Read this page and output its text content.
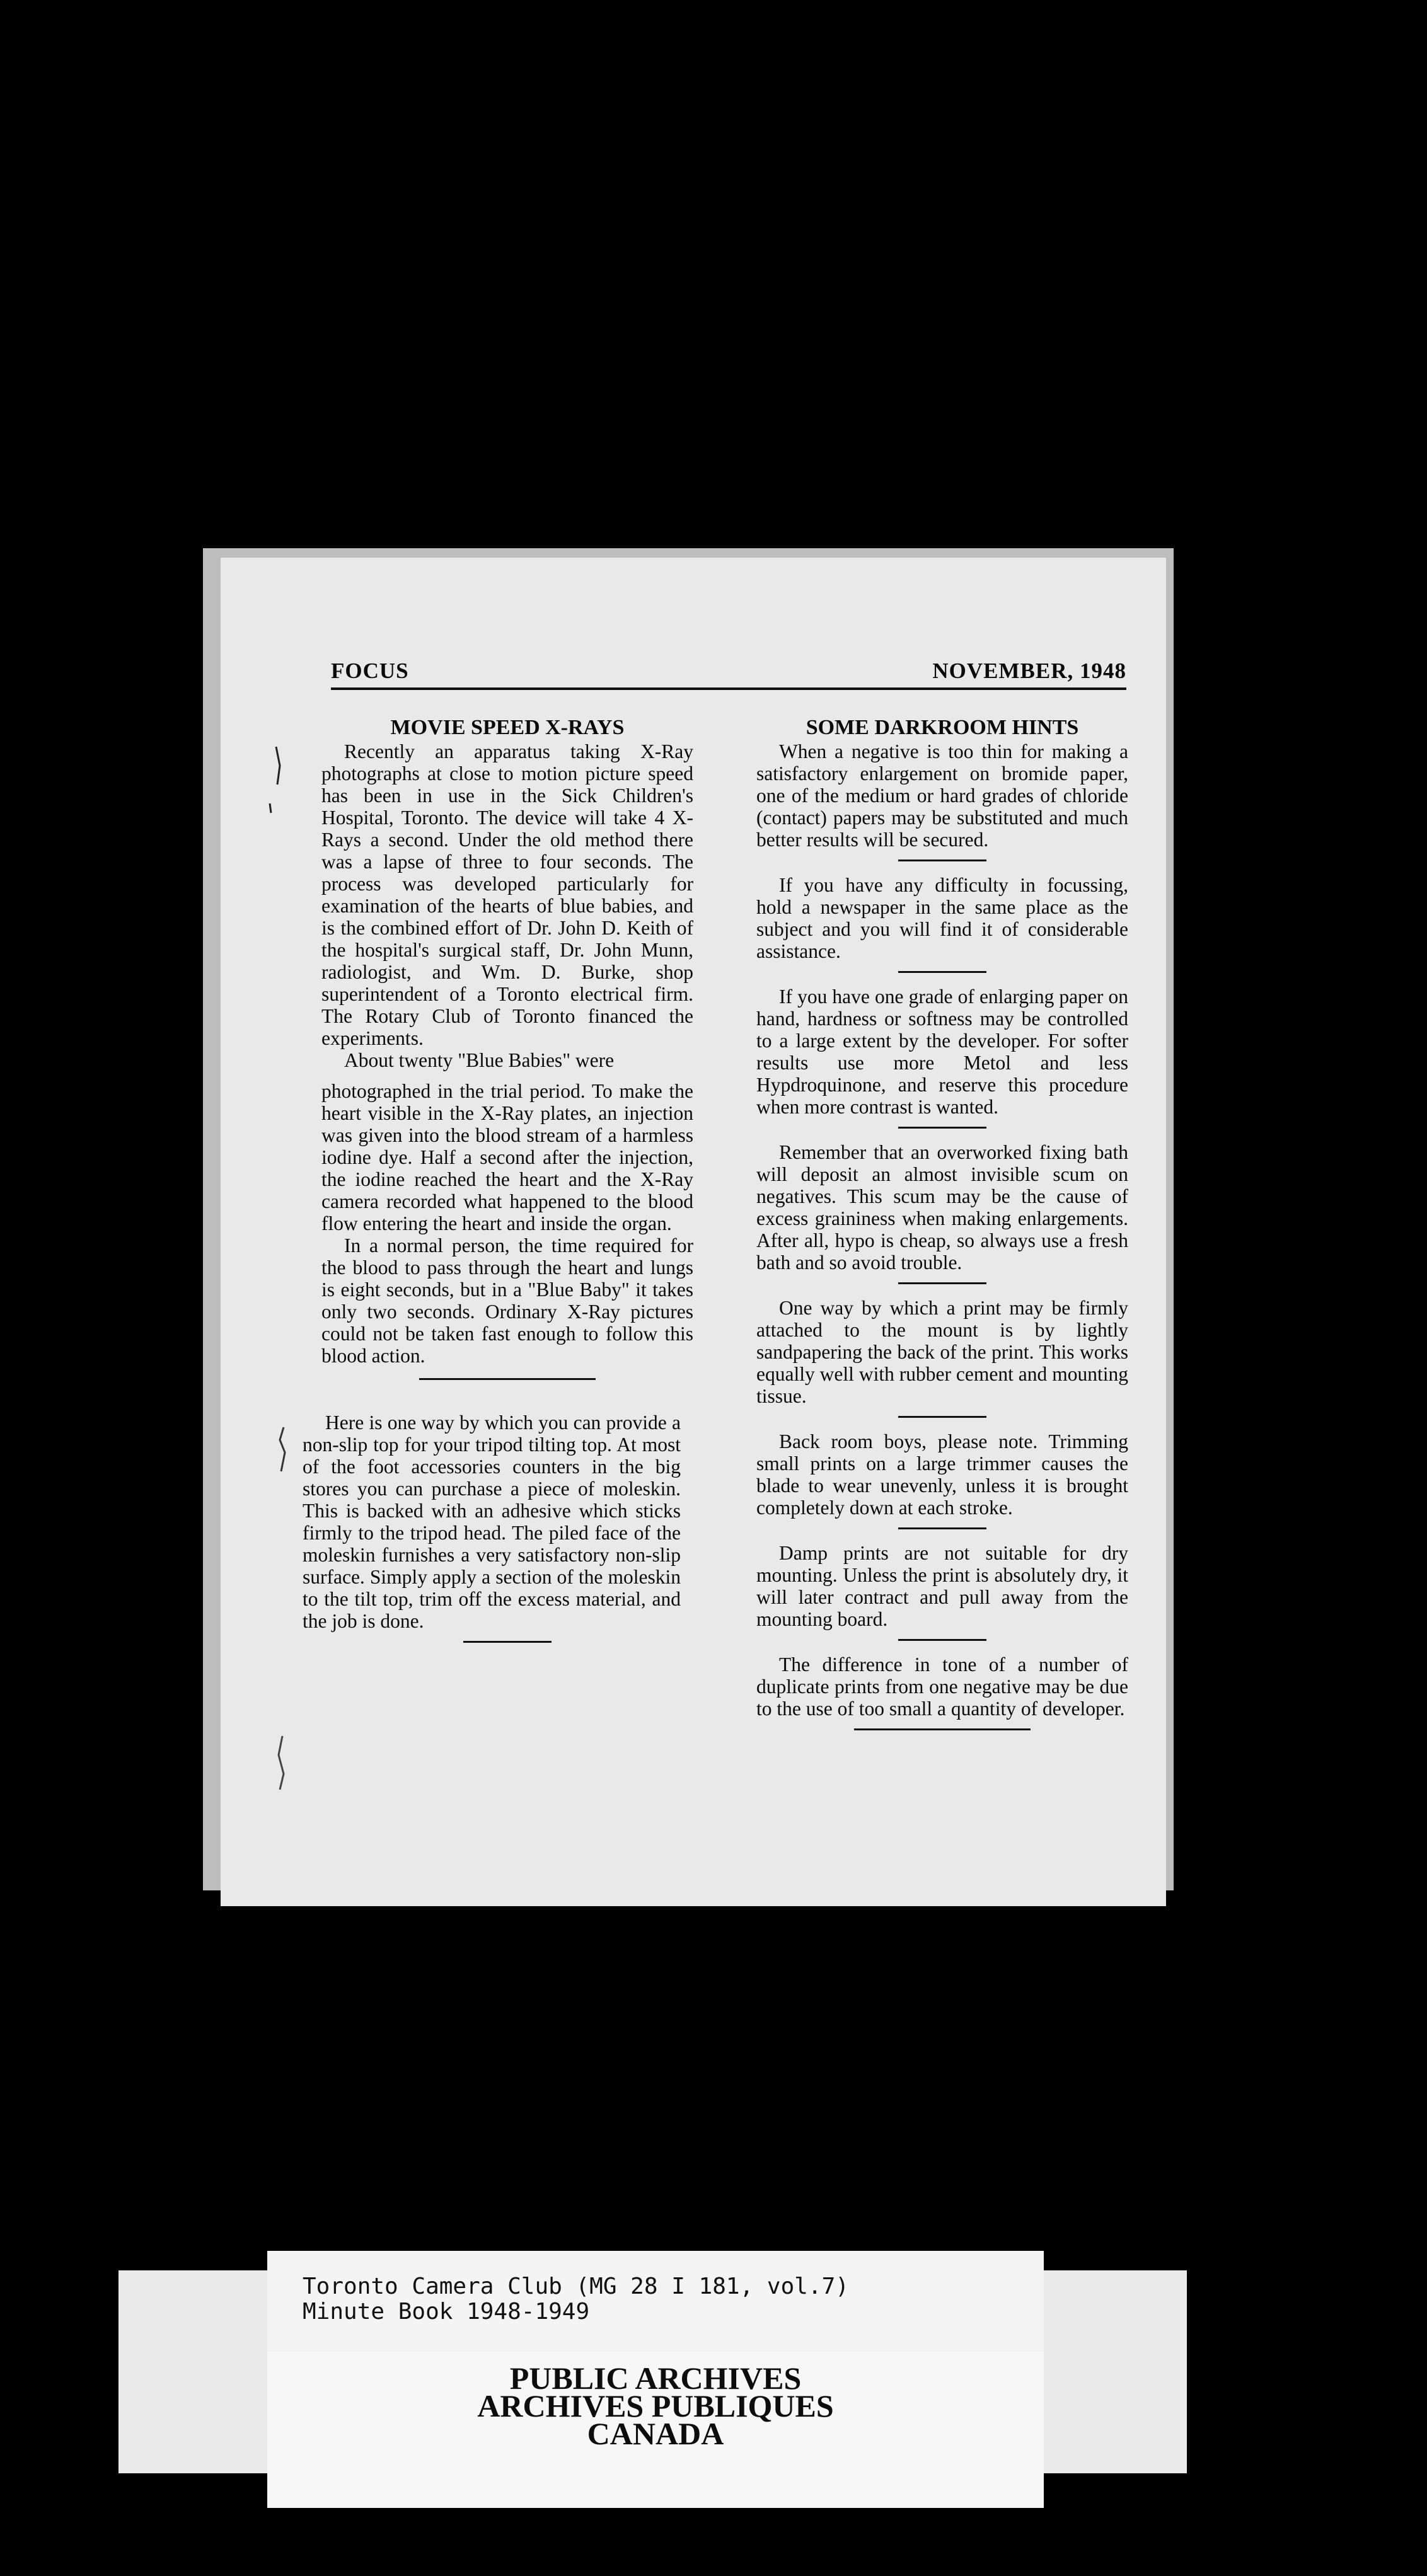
FOCUS	NOVEMBER, 1948
MOVIE SPEED X-RAYS

Recently an apparatus taking X-Ray photographs at close to motion picture speed has been in use in the Sick Children's Hospital, Toronto. The device will take 4 X-Rays a second. Under the old method there was a lapse of three to four seconds. The process was developed particularly for examination of the hearts of blue babies, and is the combined effort of Dr. John D. Keith of the hospital's surgical staff, Dr. John Munn, radiologist, and Wm. D. Burke, shop superintendent of a Toronto electrical firm. The Rotary Club of Toronto financed the experiments.

About twenty "Blue Babies" were

photographed in the trial period. To make the heart visible in the X-Ray plates, an injection was given into the blood stream of a harmless iodine dye. Half a second after the injection, the iodine reached the heart and the X-Ray camera recorded what happened to the blood flow entering the heart and inside the organ.

In a normal person, the time required for the blood to pass through the heart and lungs is eight seconds, but in a "Blue Baby" it takes only two seconds. Ordinary X-Ray pictures could not be taken fast enough to follow this blood action.

Here is one way by which you can provide a non-slip top for your tripod tilting top. At most of the foot accessories counters in the big stores you can purchase a piece of moleskin. This is backed with an adhesive which sticks firmly to the tripod head. The piled face of the moleskin furnishes a very satisfactory non-slip surface. Simply apply a section of the moleskin to the tilt top, trim off the excess material, and the job is done.

SOME DARKROOM HINTS

When a negative is too thin for making a satisfactory enlargement on bromide paper, one of the medium or hard grades of chloride (contact) papers may be substituted and much better results will be secured.

If you have any difficulty in focussing, hold a newspaper in the same place as the subject and you will find it of considerable assistance.

If you have one grade of enlarging paper on hand, hardness or softness may be controlled to a large extent by the developer. For softer results use more Metol and less Hypdroquinone, and reserve this procedure when more contrast is wanted.

Remember that an overworked fixing bath will deposit an almost invisible scum on negatives. This scum may be the cause of excess graininess when making enlargements. After all, hypo is cheap, so always use a fresh bath and so avoid trouble.

One way by which a print may be firmly attached to the mount is by lightly sandpapering the back of the print. This works equally well with rubber cement and mounting tissue.

Back room boys, please note. Trimming small prints on a large trimmer causes the blade to wear unevenly, unless it is brought completely down at each stroke.

Damp prints are not suitable for dry mounting. Unless the print is absolutely dry, it will later contract and pull away from the mounting board.

The difference in tone of a number of duplicate prints from one negative may be due to the use of too small a quantity of developer.

Toronto Camera Club (MG 28 I 181, vol.7)
Minute Book 1948-1949
PUBLIC ARCHIVES
ARCHIVES PUBLIQUES
CANADA
